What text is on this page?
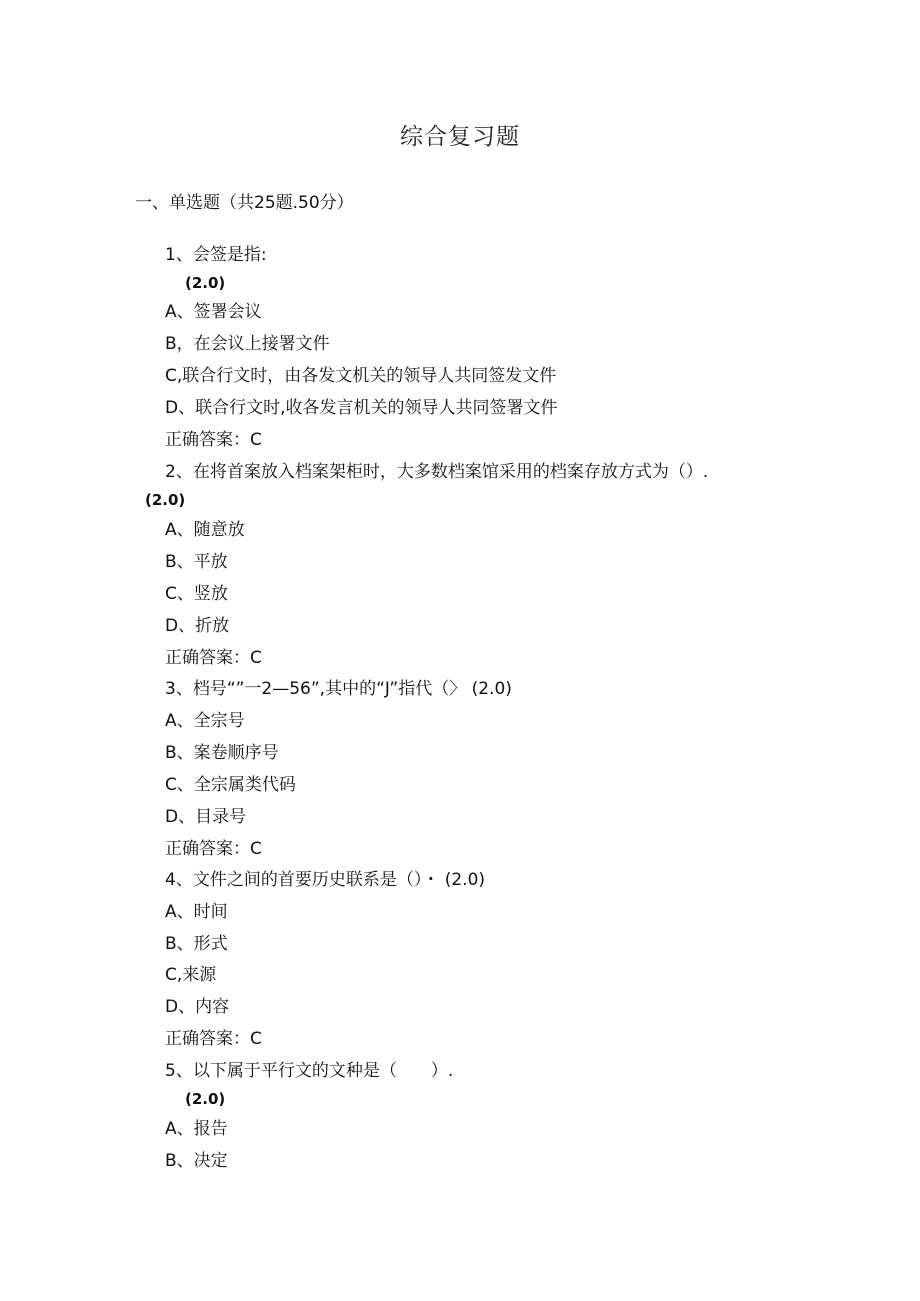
综合复习题
一、单选题（共25题.50分）
1、会签是指:
(2.0)
A、签署会议
B，在会议上接署文件
C,联合行文时，由各发文机关的领导人共同签发文件
D、联合行文时,收各发言机关的领导人共同签署文件
正确答案：C
2、在将首案放入档案架柜时，大多数档案馆采用的档案存放方式为（）.
(2.0)
A、随意放
B、平放
C、竖放
D、折放
正确答案：C
3、档号“”一2—56”,其中的“J”指代（〉 (2.0)
A、全宗号
B、案卷顺序号
C、全宗属类代码
D、目录号
正确答案：C
4、文件之间的首要历史联系是（）・ (2.0)
A、时间
B、形式
C,来源
D、内容
正确答案：C
5、以下属于平行文的文种是（　　）.
(2.0)
A、报告
B、决定
